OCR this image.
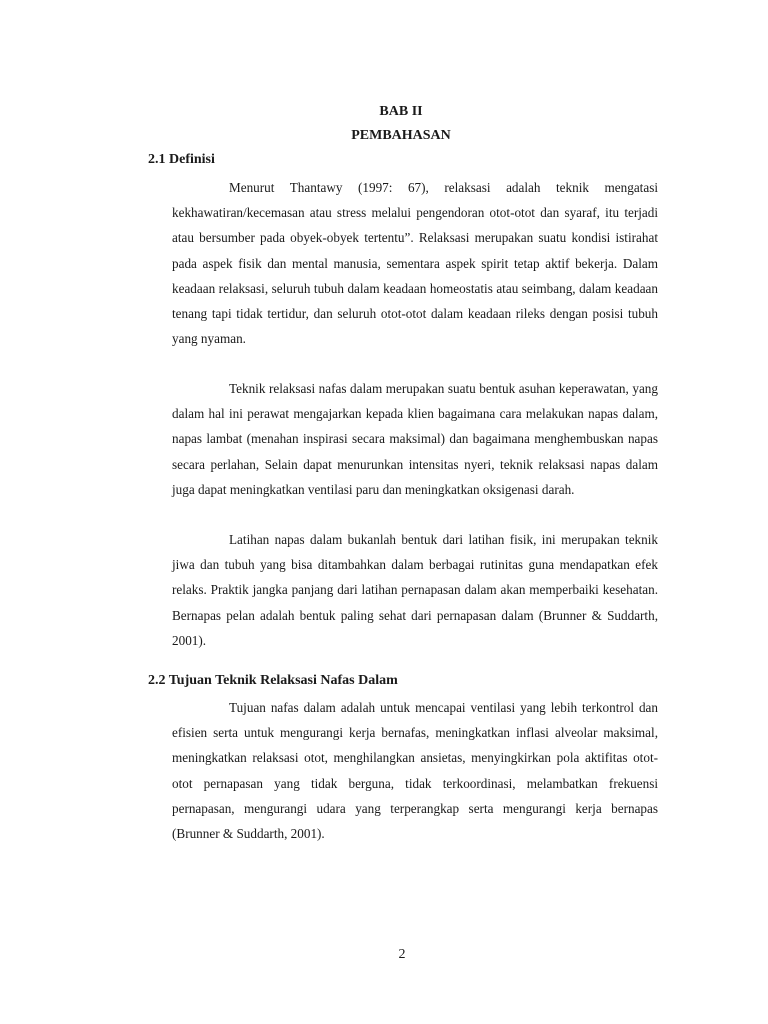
BAB II
PEMBAHASAN
2.1 Definisi

Menurut Thantawy (1997: 67), relaksasi adalah teknik mengatasi kekhawatiran/kecemasan atau stress melalui pengendoran otot-otot dan syaraf, itu terjadi atau bersumber pada obyek-obyek tertentu”. Relaksasi merupakan suatu kondisi istirahat pada aspek fisik dan mental manusia, sementara aspek spirit tetap aktif bekerja. Dalam keadaan relaksasi, seluruh tubuh dalam keadaan homeostatis atau seimbang, dalam keadaan tenang tapi tidak tertidur, dan seluruh otot-otot dalam keadaan rileks dengan posisi tubuh yang nyaman.

Teknik relaksasi nafas dalam merupakan suatu bentuk asuhan keperawatan, yang dalam hal ini perawat mengajarkan kepada klien bagaimana cara melakukan napas dalam, napas lambat (menahan inspirasi secara maksimal) dan bagaimana menghembuskan napas secara perlahan, Selain dapat menurunkan intensitas nyeri, teknik relaksasi napas dalam juga dapat meningkatkan ventilasi paru dan meningkatkan oksigenasi darah.

Latihan napas dalam bukanlah bentuk dari latihan fisik, ini merupakan teknik jiwa dan tubuh yang bisa ditambahkan dalam berbagai rutinitas guna mendapatkan efek relaks. Praktik jangka panjang dari latihan pernapasan dalam akan memperbaiki kesehatan. Bernapas pelan adalah bentuk paling sehat dari pernapasan dalam (Brunner & Suddarth, 2001).

2.2 Tujuan Teknik Relaksasi Nafas Dalam

Tujuan nafas dalam adalah untuk mencapai ventilasi yang lebih terkontrol dan efisien serta untuk mengurangi kerja bernafas, meningkatkan inflasi alveolar maksimal, meningkatkan relaksasi otot, menghilangkan ansietas, menyingkirkan pola aktifitas otot-otot pernapasan yang tidak berguna, tidak terkoordinasi, melambatkan frekuensi pernapasan, mengurangi udara yang terperangkap serta mengurangi kerja bernapas (Brunner & Suddarth, 2001).

2
